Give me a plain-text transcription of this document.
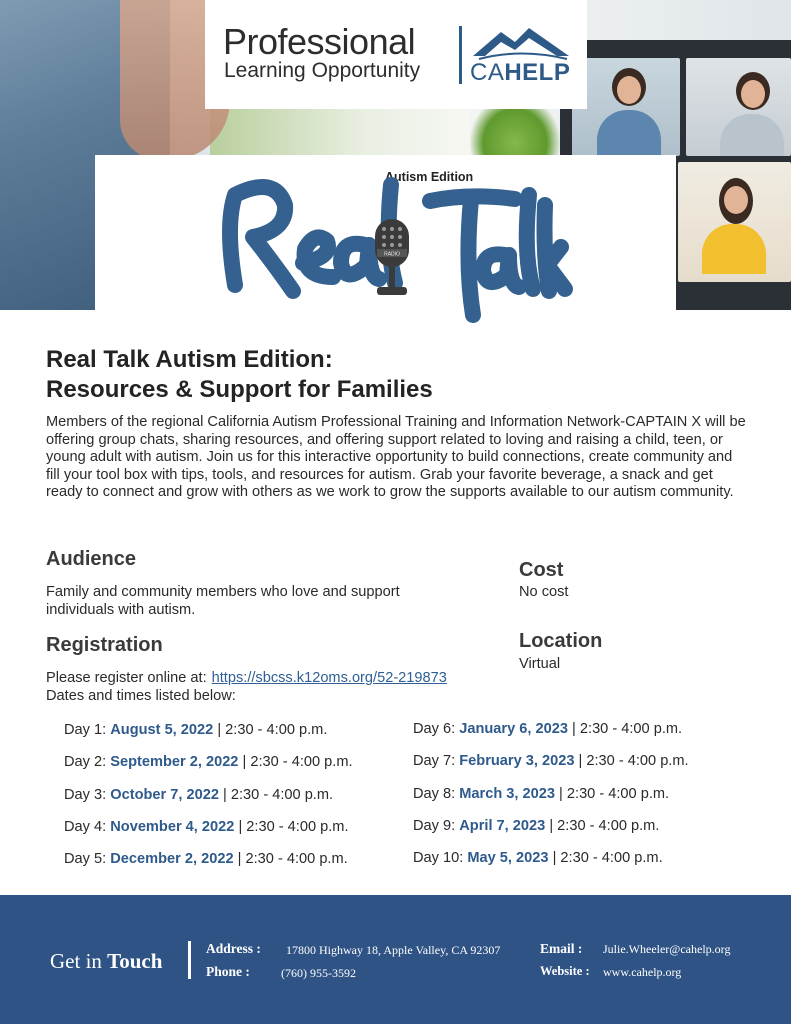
Professional
Learning Opportunity CAHELP
Autism Edition
RADIO
Real Talk Autism Edition:
Resources & Support for Families
Members of the regional California Autism Professional Training and Information Network-CAPTAIN X will be offering group chats, sharing resources, and offering support related to loving and raising a child, teen, or young adult with autism. Join us for this interactive opportunity to build connections, create community and fill your tool box with tips, tools, and resources for autism. Grab your favorite beverage, a snack and get ready to connect and grow with others as we work to grow the supports available to our autism community.
Audience
Family and community members who love and support individuals with autism.
Cost
No cost
Registration	Location
Virtual
Please register online at: https://sbcss.k12oms.org/52-219873
Dates and times listed below:
Day 1: August 5, 2022 | 2:30 - 4:00 p.m.
Day 2: September 2, 2022 | 2:30 - 4:00 p.m.
Day 3: October 7, 2022 | 2:30 - 4:00 p.m.
Day 4: November 4, 2022 | 2:30 - 4:00 p.m.
Day 5: December 2, 2022 | 2:30 - 4:00 p.m.
Day 6: January 6, 2023 | 2:30 - 4:00 p.m.
Day 7: February 3, 2023 | 2:30 - 4:00 p.m.
Day 8: March 3, 2023 | 2:30 - 4:00 p.m.
Day 9: April 7, 2023 | 2:30 - 4:00 p.m.
Day 10: May 5, 2023 | 2:30 - 4:00 p.m.
Get in Touch
Address : 17800 Highway 18, Apple Valley, CA 92307
Phone :	(760) 955-3592
Email : Julie.Wheeler@cahelp.org
Website : www.cahelp.org
